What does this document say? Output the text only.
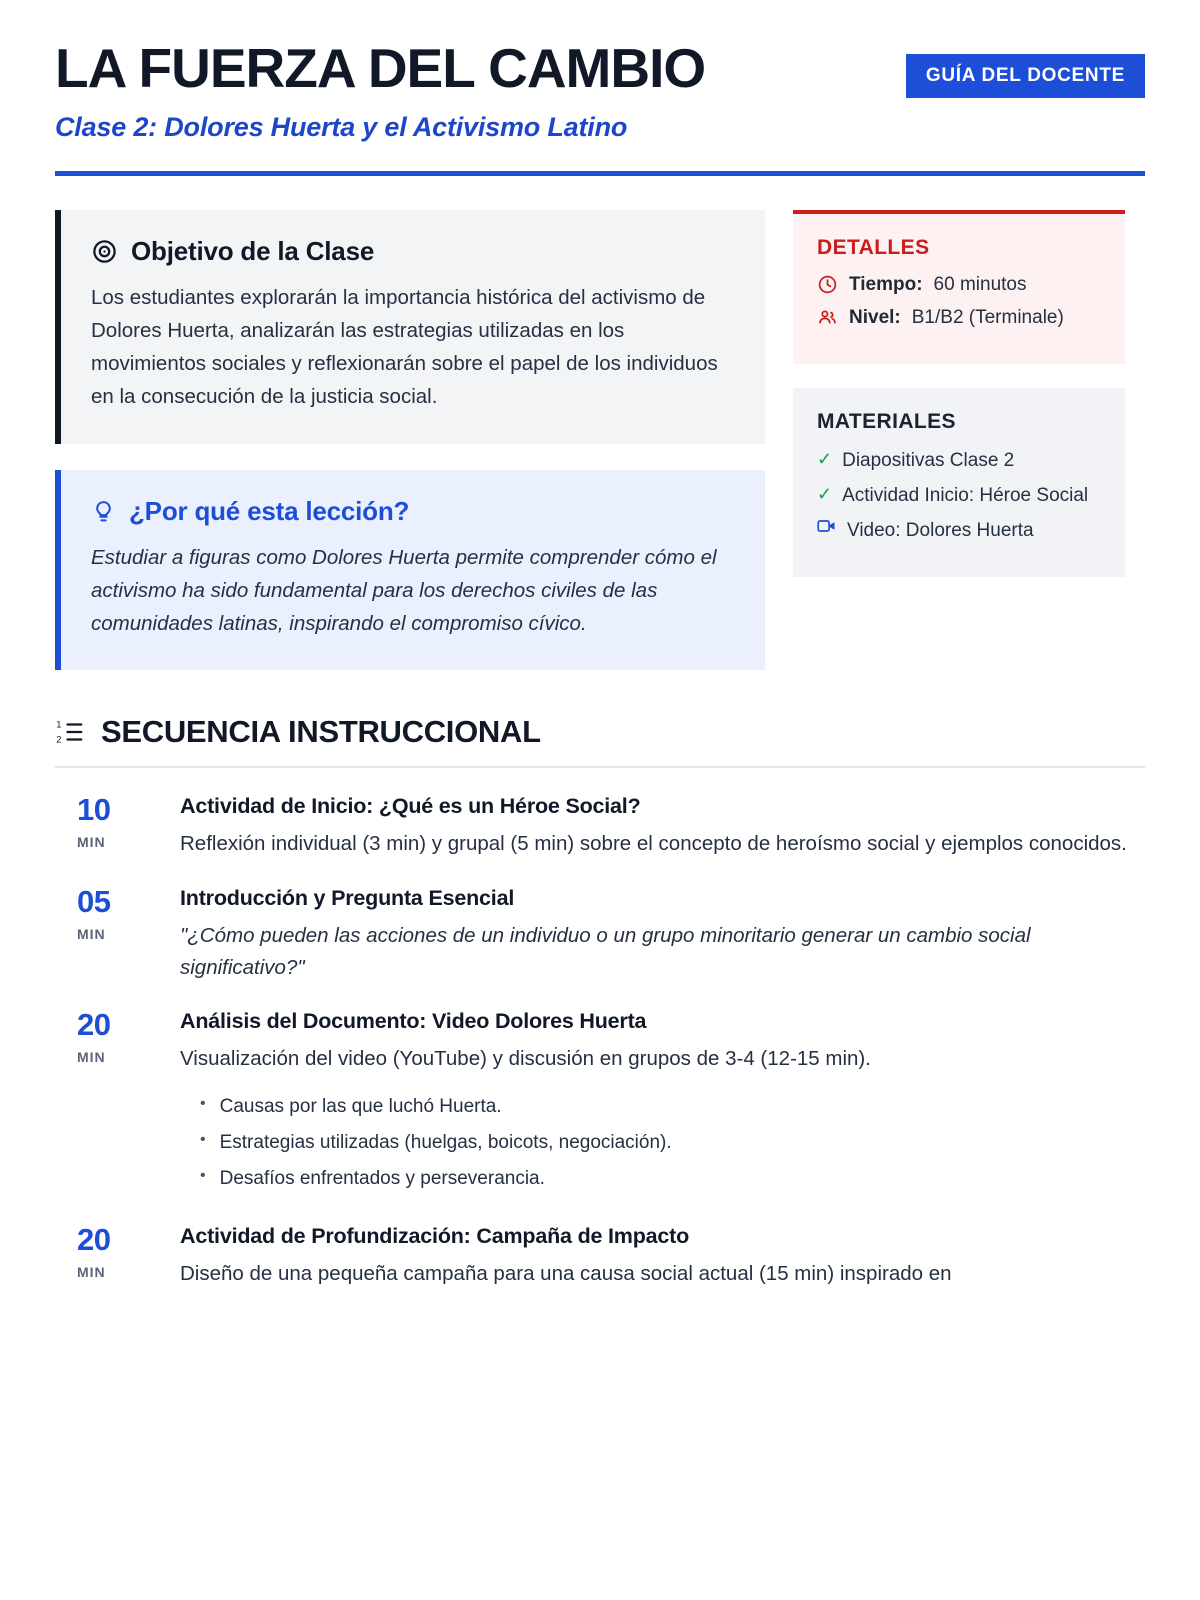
LA FUERZA DEL CAMBIO
Clase 2: Dolores Huerta y el Activismo Latino
GUÍA DEL DOCENTE
Objetivo de la Clase

Los estudiantes explorarán la importancia histórica del activismo de Dolores Huerta, analizarán las estrategias utilizadas en los movimientos sociales y reflexionarán sobre el papel de los individuos en la consecución de la justicia social.

¿Por qué esta lección?

Estudiar a figuras como Dolores Huerta permite comprender cómo el activismo ha sido fundamental para los derechos civiles de las comunidades latinas, inspirando el compromiso cívico.

DETALLES
Tiempo: 60 minutos
Nivel: B1/B2 (Terminale)
MATERIALES
✓ Diapositivas Clase 2
✓ Actividad Inicio: Héroe Social
Video: Dolores Huerta
1
2 SECUENCIA INSTRUCCIONAL
10
MIN
Actividad de Inicio: ¿Qué es un Héroe Social?
Reflexión individual (3 min) y grupal (5 min) sobre el concepto de heroísmo social y ejemplos conocidos.
05
MIN
Introducción y Pregunta Esencial
"¿Cómo pueden las acciones de un individuo o un grupo minoritario generar un cambio social significativo?"
20
MIN
Análisis del Documento: Video Dolores Huerta
Visualización del video (YouTube) y discusión en grupos de 3-4 (12-15 min).
• Causas por las que luchó Huerta.
• Estrategias utilizadas (huelgas, boicots, negociación).
• Desafíos enfrentados y perseverancia.
20
MIN
Actividad de Profundización: Campaña de Impacto
Diseño de una pequeña campaña para una causa social actual (15 min) inspirado en
